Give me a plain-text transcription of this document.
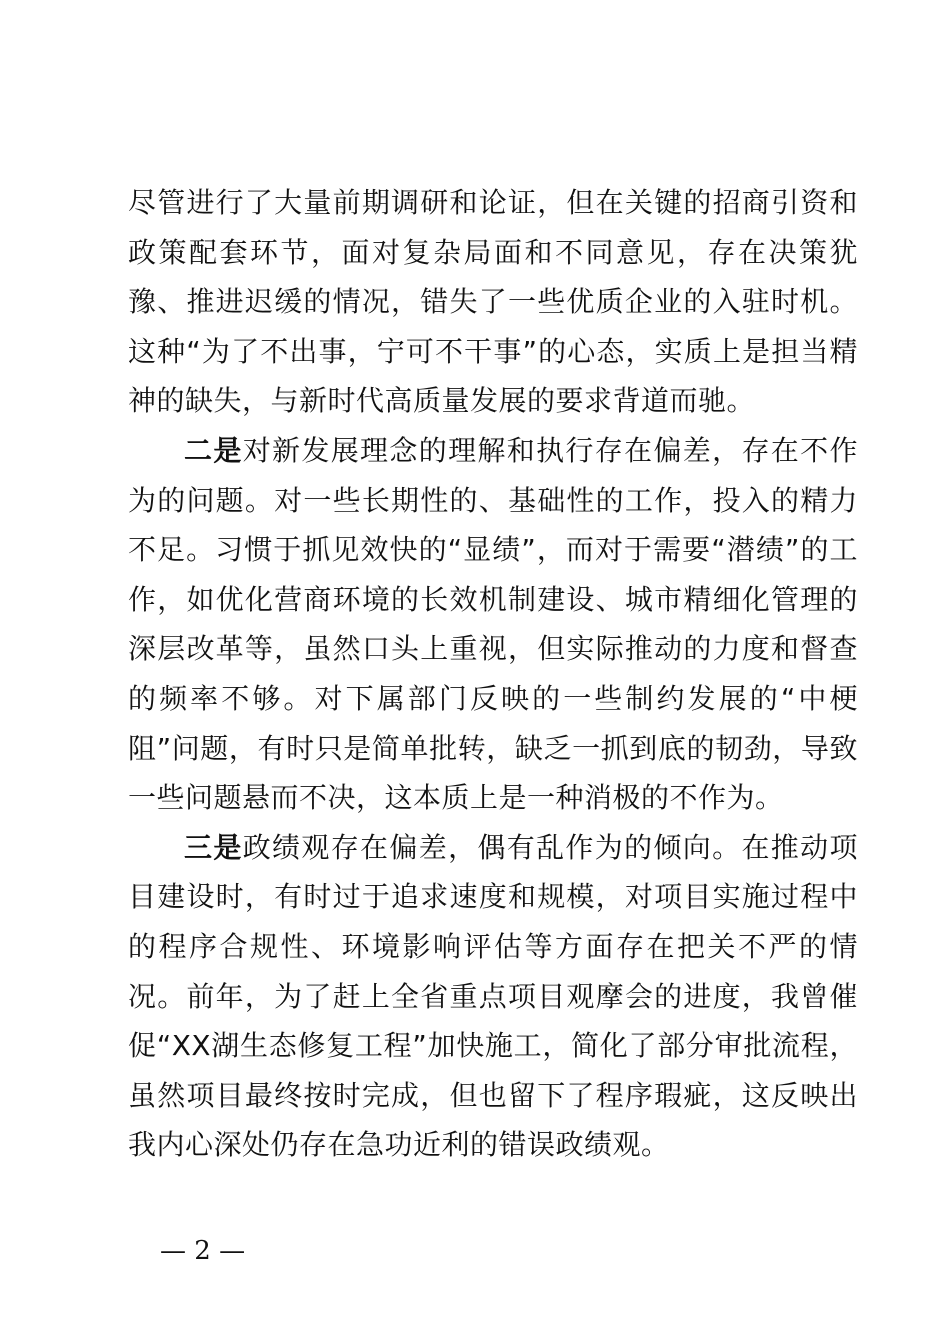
尽管进行了大量前期调研和论证，但在关键的招商引资和政策配套环节，面对复杂局面和不同意见，存在决策犹豫、推进迟缓的情况，错失了一些优质企业的入驻时机。这种“为了不出事，宁可不干事”的心态，实质上是担当精神的缺失，与新时代高质量发展的要求背道而驰。

二是对新发展理念的理解和执行存在偏差，存在不作为的问题。对一些长期性的、基础性的工作，投入的精力不足。习惯于抓见效快的“显绩”，而对于需要“潜绩”的工作，如优化营商环境的长效机制建设、城市精细化管理的深层改革等，虽然口头上重视，但实际推动的力度和督查的频率不够。对下属部门反映的一些制约发展的“中梗阻”问题，有时只是简单批转，缺乏一抓到底的韧劲，导致一些问题悬而不决，这本质上是一种消极的不作为。

三是政绩观存在偏差，偶有乱作为的倾向。在推动项目建设时，有时过于追求速度和规模，对项目实施过程中的程序合规性、环境影响评估等方面存在把关不严的情况。前年，为了赶上全省重点项目观摩会的进度，我曾催促“XX湖生态修复工程”加快施工，简化了部分审批流程，虽然项目最终按时完成，但也留下了程序瑕疵，这反映出我内心深处仍存在急功近利的错误政绩观。

— 2 —
